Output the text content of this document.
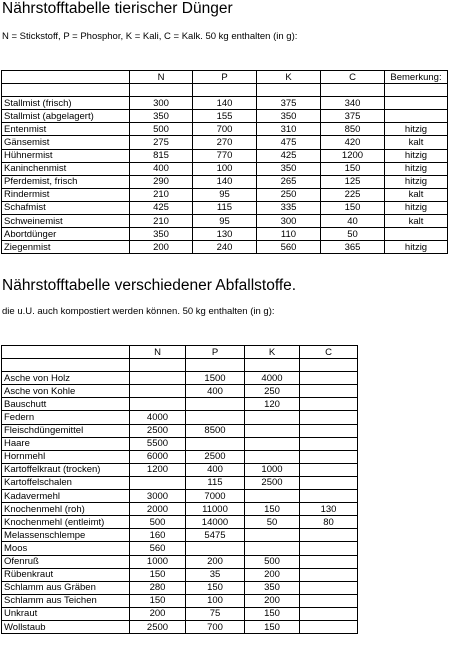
Nährstofftabelle tierischer Dünger
N = Stickstoff, P = Phosphor, K = Kali, C = Kalk. 50 kg enthalten (in g):
	N	P	K	C	Bemerkung:

Stallmist (frisch)	300	140	375	340	
Stallmist (abgelagert)	350	155	350	375	
Entenmist	500	700	310	850	hitzig
Gänsemist	275	270	475	420	kalt
Hühnermist	815	770	425	1200	hitzig
Kaninchenmist	400	100	350	150	hitzig
Pferdemist, frisch	290	140	265	125	hitzig
Rindermist	210	95	250	225	kalt
Schafmist	425	115	335	150	hitzig
Schweinemist	210	95	300	40	kalt
Abortdünger	350	130	110	50	
Ziegenmist	200	240	560	365	hitzig
Nährstofftabelle verschiedener Abfallstoffe.
die u.U. auch kompostiert werden können. 50 kg enthalten (in g):
	N	P	K	C

Asche von Holz		1500	4000	
Asche von Kohle		400	250	
Bauschutt			120	
Federn	4000			
Fleischdüngemittel	2500	8500		
Haare	5500			
Hornmehl	6000	2500		
Kartoffelkraut (trocken)	1200	400	1000	
Kartoffelschalen		115	2500	
Kadavermehl	3000	7000		
Knochenmehl (roh)	2000	11000	150	130
Knochenmehl (entleimt)	500	14000	50	80
Melassenschlempe	160	5475		
Moos	560			
Ofenruß	1000	200	500	
Rübenkraut	150	35	200	
Schlamm aus Gräben	280	150	350	
Schlamm aus Teichen	150	100	200	
Unkraut	200	75	150	
Wollstaub	2500	700	150	
